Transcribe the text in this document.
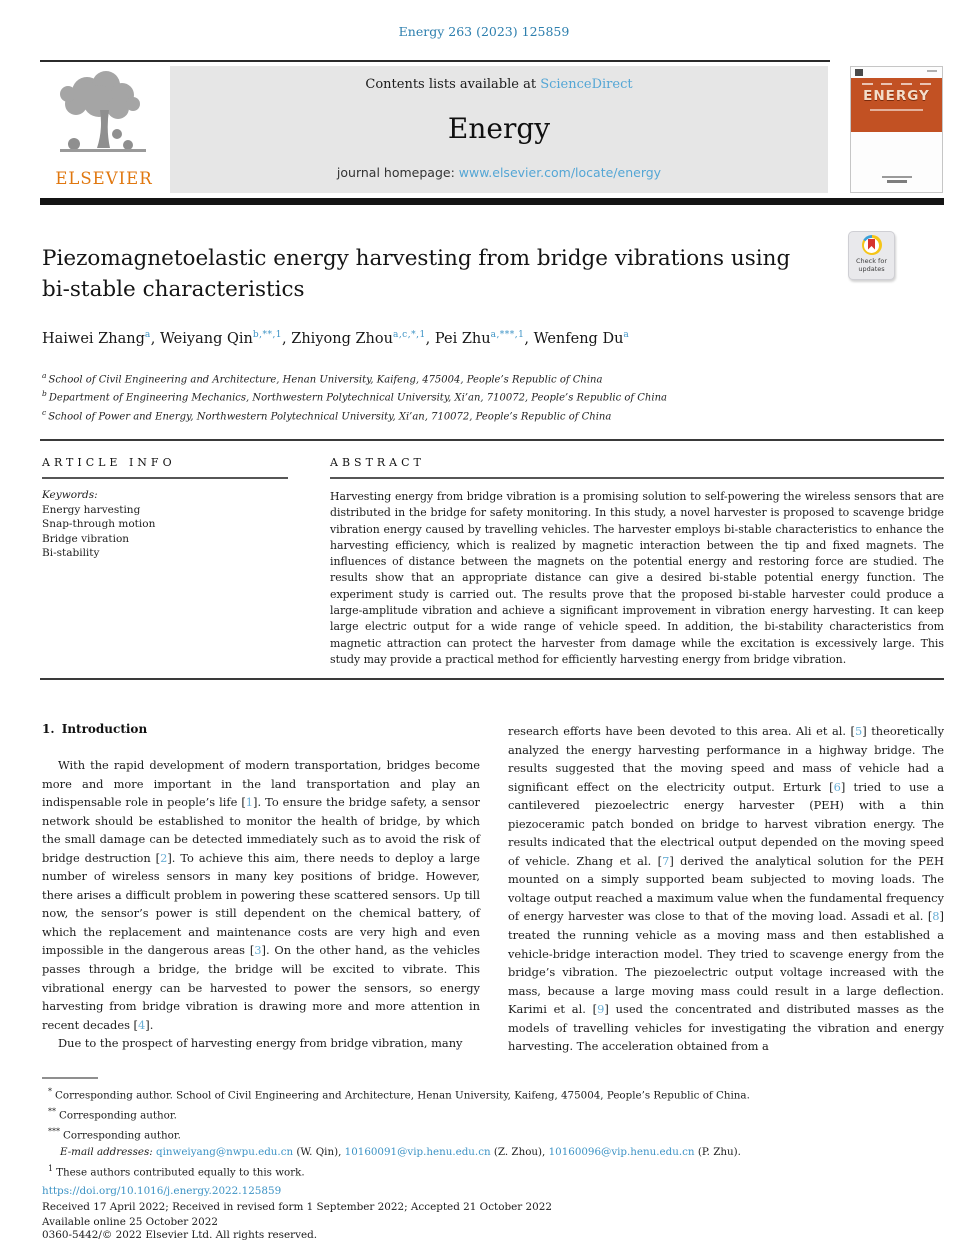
Energy 263 (2023) 125859
ELSEVIER
Contents lists available at ScienceDirect
Energy
journal homepage: www.elsevier.com/locate/energy
ENERGY
Piezomagnetoelastic energy harvesting from bridge vibrations using bi-stable characteristics
Check for
updates
Haiwei Zhang$^a$, Weiyang Qin$^{b,**,1}$, Zhiyong Zhou$^{a,c,*,1}$, Pei Zhu$^{a,***,1}$, Wenfeng Du$^a$
$^a$ School of Civil Engineering and Architecture, Henan University, Kaifeng, 475004, People’s Republic of China
$^b$ Department of Engineering Mechanics, Northwestern Polytechnical University, Xi’an, 710072, People’s Republic of China
$^c$ School of Power and Energy, Northwestern Polytechnical University, Xi’an, 710072, People’s Republic of China
ARTICLE INFO	ABSTRACT
Keywords:
Energy harvesting
Snap-through motion
Bridge vibration
Bi-stability
Harvesting energy from bridge vibration is a promising solution to self-powering the wireless sensors that are distributed in the bridge for safety monitoring. In this study, a novel harvester is proposed to scavenge bridge vibration energy caused by travelling vehicles. The harvester employs bi-stable characteristics to enhance the harvesting efficiency, which is realized by magnetic interaction between the tip and fixed magnets. The influences of distance between the magnets on the potential energy and restoring force are studied. The results show that an appropriate distance can give a desired bi-stable potential energy function. The experiment study is carried out. The results prove that the proposed bi-stable harvester could produce a large-amplitude vibration and achieve a significant improvement in vibration energy harvesting. It can keep large electric output for a wide range of vehicle speed. In addition, the bi-stability characteristics from magnetic attraction can protect the harvester from damage while the excitation is excessively large. This study may provide a practical method for efficiently harvesting energy from bridge vibration.
1. Introduction

With the rapid development of modern transportation, bridges become more and more important in the land transportation and play an indispensable role in people’s life [1]. To ensure the bridge safety, a sensor network should be established to monitor the health of bridge, by which the small damage can be detected immediately such as to avoid the risk of bridge destruction [2]. To achieve this aim, there needs to deploy a large number of wireless sensors in many key positions of bridge. However, there arises a difficult problem in powering these scattered sensors. Up till now, the sensor’s power is still dependent on the chemical battery, of which the replacement and maintenance costs are very high and even impossible in the dangerous areas [3]. On the other hand, as the vehicles passes through a bridge, the bridge will be excited to vibrate. This vibrational energy can be harvested to power the sensors, so energy harvesting from bridge vibration is drawing more and more attention in recent decades [4].

Due to the prospect of harvesting energy from bridge vibration, many

research efforts have been devoted to this area. Ali et al. [5] theoretically analyzed the energy harvesting performance in a highway bridge. The results suggested that the moving speed and mass of vehicle had a significant effect on the electricity output. Erturk [6] tried to use a cantilevered piezoelectric energy harvester (PEH) with a thin piezoceramic patch bonded on bridge to harvest vibration energy. The results indicated that the electrical output depended on the moving speed of vehicle. Zhang et al. [7] derived the analytical solution for the PEH mounted on a simply supported beam subjected to moving loads. The voltage output reached a maximum value when the fundamental frequency of energy harvester was close to that of the moving load. Assadi et al. [8] treated the running vehicle as a moving mass and then established a vehicle-bridge interaction model. They tried to scavenge energy from the bridge’s vibration. The piezoelectric output voltage increased with the mass, because a large moving mass could result in a large deflection. Karimi et al. [9] used the concentrated and distributed masses as the models of travelling vehicles for investigating the vibration and energy harvesting. The acceleration obtained from a

* Corresponding author. School of Civil Engineering and Architecture, Henan University, Kaifeng, 475004, People’s Republic of China.
** Corresponding author.
*** Corresponding author.
E-mail addresses: qinweiyang@nwpu.edu.cn (W. Qin), 10160091@vip.henu.edu.cn (Z. Zhou), 10160096@vip.henu.edu.cn (P. Zhu).
$^1$ These authors contributed equally to this work.
https://doi.org/10.1016/j.energy.2022.125859
Received 17 April 2022; Received in revised form 1 September 2022; Accepted 21 October 2022
Available online 25 October 2022
0360-5442/© 2022 Elsevier Ltd. All rights reserved.
